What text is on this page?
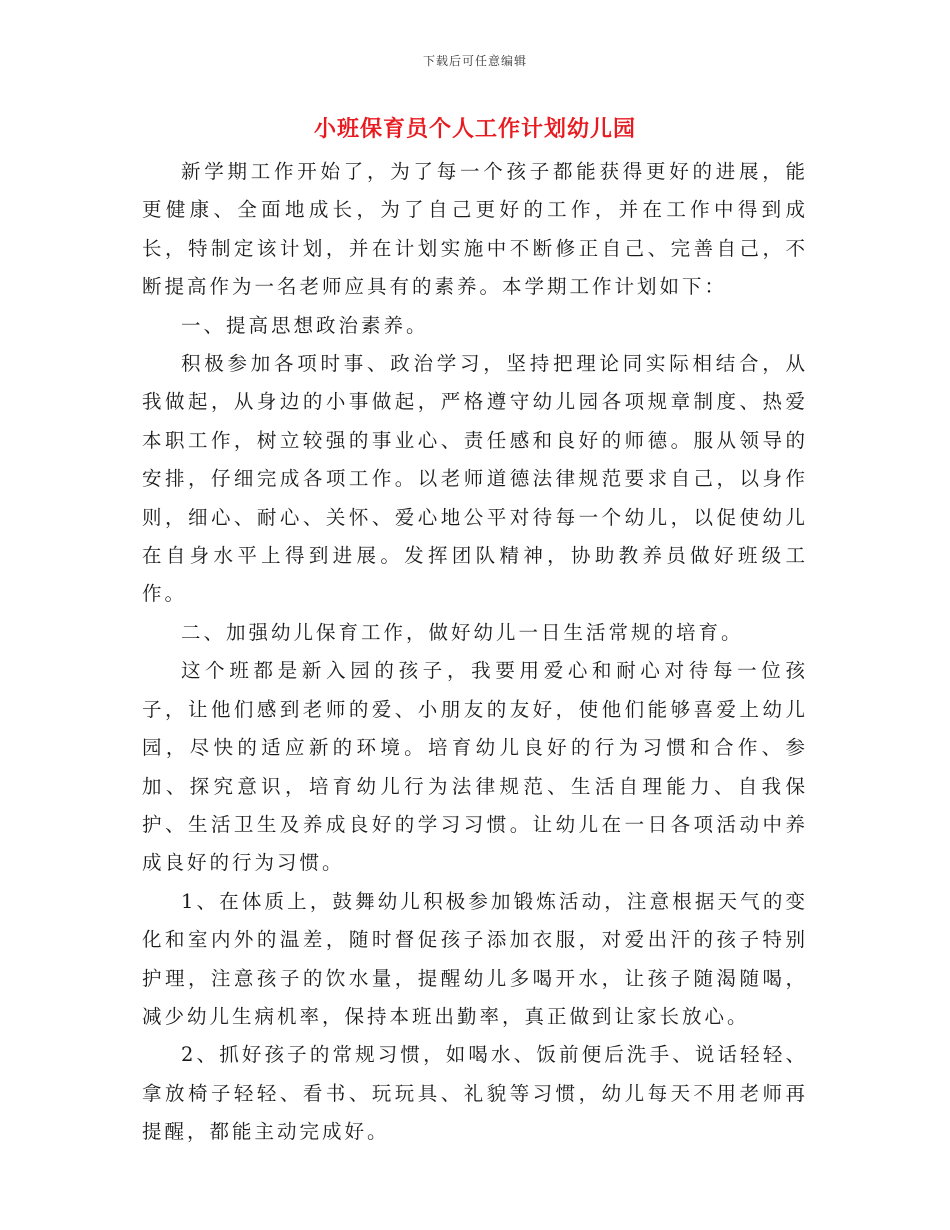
下载后可任意编辑
小班保育员个人工作计划幼儿园

新学期工作开始了，为了每一个孩子都能获得更好的进展，能更健康、全面地成长，为了自己更好的工作，并在工作中得到成长，特制定该计划，并在计划实施中不断修正自己、完善自己，不断提高作为一名老师应具有的素养。本学期工作计划如下：

一、提高思想政治素养。

积极参加各项时事、政治学习，坚持把理论同实际相结合，从我做起，从身边的小事做起，严格遵守幼儿园各项规章制度、热爱本职工作，树立较强的事业心、责任感和良好的师德。服从领导的安排，仔细完成各项工作。以老师道德法律规范要求自己，以身作则，细心、耐心、关怀、爱心地公平对待每一个幼儿，以促使幼儿在自身水平上得到进展。发挥团队精神，协助教养员做好班级工作。

二、加强幼儿保育工作，做好幼儿一日生活常规的培育。

这个班都是新入园的孩子，我要用爱心和耐心对待每一位孩子，让他们感到老师的爱、小朋友的友好，使他们能够喜爱上幼儿园，尽快的适应新的环境。培育幼儿良好的行为习惯和合作、参加、探究意识，培育幼儿行为法律规范、生活自理能力、自我保护、生活卫生及养成良好的学习习惯。让幼儿在一日各项活动中养成良好的行为习惯。

1、在体质上，鼓舞幼儿积极参加锻炼活动，注意根据天气的变化和室内外的温差，随时督促孩子添加衣服，对爱出汗的孩子特别护理，注意孩子的饮水量，提醒幼儿多喝开水，让孩子随渴随喝，减少幼儿生病机率，保持本班出勤率，真正做到让家长放心。

2、抓好孩子的常规习惯，如喝水、饭前便后洗手、说话轻轻、拿放椅子轻轻、看书、玩玩具、礼貌等习惯，幼儿每天不用老师再提醒，都能主动完成好。
